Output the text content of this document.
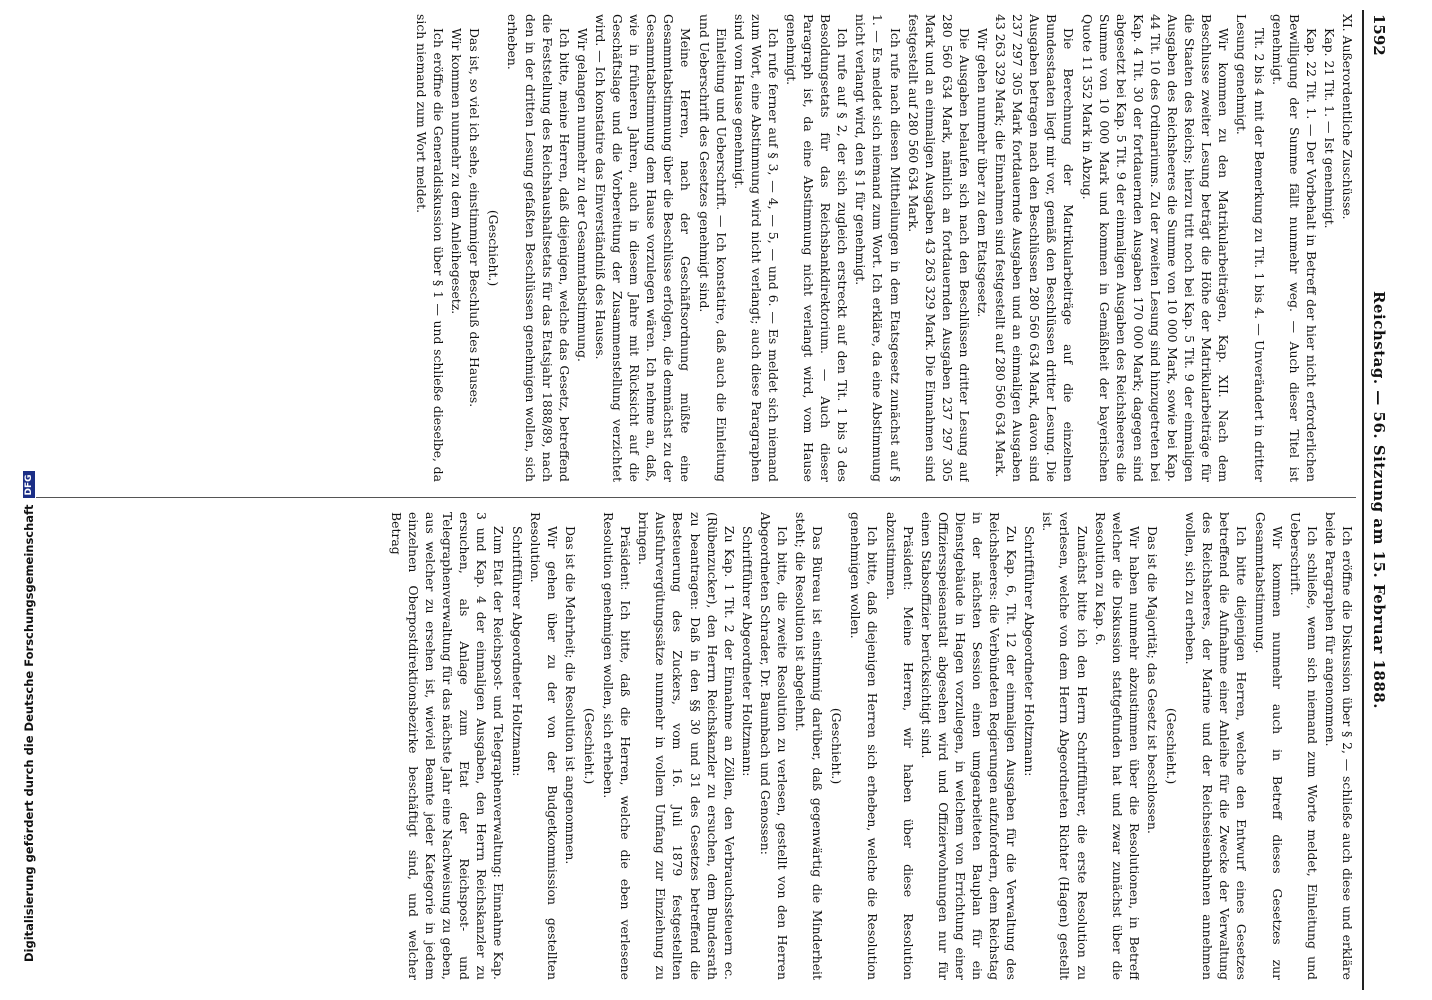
1592
Reichstag. — 56. Sitzung am 15. Februar 1888.

XI. Außerordentliche Zuschüsse.

Kap. 21 Tit. 1. — Ist genehmigt.

Kap. 22 Tit. 1. — Der Vorbehalt in Betreff der hier nicht erforderlichen Bewilligung der Summe fällt nunmehr weg. — Auch dieser Titel ist genehmigt.

Tit. 2 bis 4 mit der Bemerkung zu Tit. 1 bis 4. — Unverändert in dritter Lesung genehmigt.

Wir kommen zu den Matrikularbeiträgen, Kap. XII. Nach dem Beschlusse zweiter Lesung beträgt die Höhe der Matrikularbeiträge für die Staaten des Reichs; hierzu tritt noch bei Kap. 5 Tit. 9 der einmaligen Ausgaben des Reichsheeres die Summe von 10 000 Mark, sowie bei Kap. 44 Tit. 10 des Ordinariums. Zu der zweiten Lesung sind hinzugetreten bei Kap. 4 Tit. 30 der fortdauernden Ausgaben 170 000 Mark; dagegen sind abgesetzt bei Kap. 5 Tit. 9 der einmaligen Ausgaben des Reichsheeres die Summe von 10 000 Mark und kommen in Gemäßheit der bayerischen Quote 11 352 Mark in Abzug.

Die Berechnung der Matrikularbeiträge auf die einzelnen Bundesstaaten liegt mir vor, gemäß den Beschlüssen dritter Lesung. Die Ausgaben betragen nach den Beschlüssen 280 560 634 Mark, davon sind 237 297 305 Mark fortdauernde Ausgaben und an einmaligen Ausgaben 43 263 329 Mark; die Einnahmen sind festgestellt auf 280 560 634 Mark.

Wir gehen nunmehr über zu dem Etatsgesetz.

Die Ausgaben belaufen sich nach den Beschlüssen dritter Lesung auf 280 560 634 Mark, nämlich an fortdauernden Ausgaben 237 297 305 Mark und an einmaligen Ausgaben 43 263 329 Mark. Die Einnahmen sind festgestellt auf 280 560 634 Mark.

Ich rufe nach diesen Mittheilungen in dem Etatsgesetz zunächst auf § 1. — Es meldet sich niemand zum Wort. Ich erkläre, da eine Abstimmung nicht verlangt wird, den § 1 für genehmigt.

Ich rufe auf § 2, der sich zugleich erstreckt auf den Tit. 1 bis 3 des Besoldungsetats für das Reichsbankdirektorium. — Auch dieser Paragraph ist, da eine Abstimmung nicht verlangt wird, vom Hause genehmigt.

Ich rufe ferner auf § 3, — 4, — 5, — und 6. — Es meldet sich niemand zum Wort, eine Abstimmung wird nicht verlangt; auch diese Paragraphen sind vom Hause genehmigt.

Einleitung und Ueberschrift. — Ich konstatire, daß auch die Einleitung und Ueberschrift des Gesetzes genehmigt sind.

Meine Herren, nach der Geschäftsordnung müßte eine Gesammtabstimmung über die Beschlüsse erfolgen, die demnächst zu der Gesammtabstimmung dem Hause vorzulegen wären. Ich nehme an, daß, wie in früheren Jahren, auch in diesem Jahre mit Rücksicht auf die Geschäftslage und die Vorbereitung der Zusammenstellung verzichtet wird. — Ich konstatire das Einverständniß des Hauses.

Wir gelangen nunmehr zu der Gesammtabstimmung.

Ich bitte, meine Herren, daß diejenigen, welche das Gesetz, betreffend die Feststellung des Reichshaushaltsetats für das Etatsjahr 1888/89, nach den in der dritten Lesung gefaßten Beschlüssen genehmigen wollen, sich erheben.

(Geschieht.)

Das ist, so viel ich sehe, einstimmiger Beschluß des Hauses.

Wir kommen nunmehr zu dem Anleihegesetz.

Ich eröffne die Generaldiskussion über § 1 — und schließe dieselbe, da sich niemand zum Wort meldet.

Ich eröffne die Diskussion über § 2, — schließe auch diese und erkläre beide Paragraphen für angenommen.

Ich schließe, wenn sich niemand zum Worte meldet, Einleitung und Ueberschrift.

Wir kommen nunmehr auch in Betreff dieses Gesetzes zur Gesammtabstimmung.

Ich bitte diejenigen Herren, welche den Entwurf eines Gesetzes betreffend die Aufnahme einer Anleihe für die Zwecke der Verwaltung des Reichsheeres, der Marine und der Reichseisenbahnen annehmen wollen, sich zu erheben.

(Geschieht.)

Das ist die Majorität; das Gesetz ist beschlossen.

Wir haben nunmehr abzustimmen über die Resolutionen, in Betreff welcher die Diskussion stattgefunden hat und zwar zunächst über die Resolution zu Kap. 6.

Zunächst bitte ich den Herrn Schriftführer, die erste Resolution zu verlesen, welche von dem Herrn Abgeordneten Richter (Hagen) gestellt ist.

Schriftführer Abgeordneter Holtzmann:

Zu Kap. 6, Tit. 12 der einmaligen Ausgaben für die Verwaltung des Reichsheeres: die Verbündeten Regierungen aufzufordern, dem Reichstag in der nächsten Session einen umgearbeiteten Bauplan für ein Dienstgebäude in Hagen vorzulegen, in welchem von Errichtung einer Offiziersspeiseanstalt abgesehen wird und Offizierwohnungen nur für einen Stabsoffizier berücksichtigt sind.

Präsident: Meine Herren, wir haben über diese Resolution abzustimmen.

Ich bitte, daß diejenigen Herren sich erheben, welche die Resolution genehmigen wollen.

(Geschieht.)

Das Büreau ist einstimmig darüber, daß gegenwärtig die Minderheit steht; die Resolution ist abgelehnt.

Ich bitte, die zweite Resolution zu verlesen, gestellt von den Herren Abgeordneten Schrader, Dr. Baumbach und Genossen:

Schriftführer Abgeordneter Holtzmann:

Zu Kap. 1 Tit. 2 der Einnahme an Zöllen, den Verbrauchssteuern ec. (Rübenzucker), den Herrn Reichskanzler zu ersuchen, dem Bundesrath zu beantragen: Daß in den §§ 30 und 31 des Gesetzes betreffend die Besteuerung des Zuckers, vom 16. Juli 1879 festgestellten Ausfuhrvergütungssätze nunmehr in vollem Umfang zur Einziehung zu bringen.

Präsident: Ich bitte, daß die Herren, welche die eben verlesene Resolution genehmigen wollen, sich erheben.

(Geschieht.)

Das ist die Mehrheit; die Resolution ist angenommen.

Wir gehen über zu der von der Budgetkommission gestellten Resolution.

Schriftführer Abgeordneter Holtzmann:

Zum Etat der Reichspost- und Telegraphenverwaltung: Einnahme Kap. 3 und Kap. 4 der einmaligen Ausgaben, den Herrn Reichskanzler zu ersuchen, als Anlage zum Etat der Reichspost- und Telegraphenverwaltung für das nächste Jahr eine Nachweisung zu geben, aus welcher zu ersehen ist, wieviel Beamte jeder Kategorie in jedem einzelnen Oberpostdirektionsbezirke beschäftigt sind, und welcher Betrag

Digitalisierung gefördert durch die Deutsche Forschungsgemeinschaft
DFG
